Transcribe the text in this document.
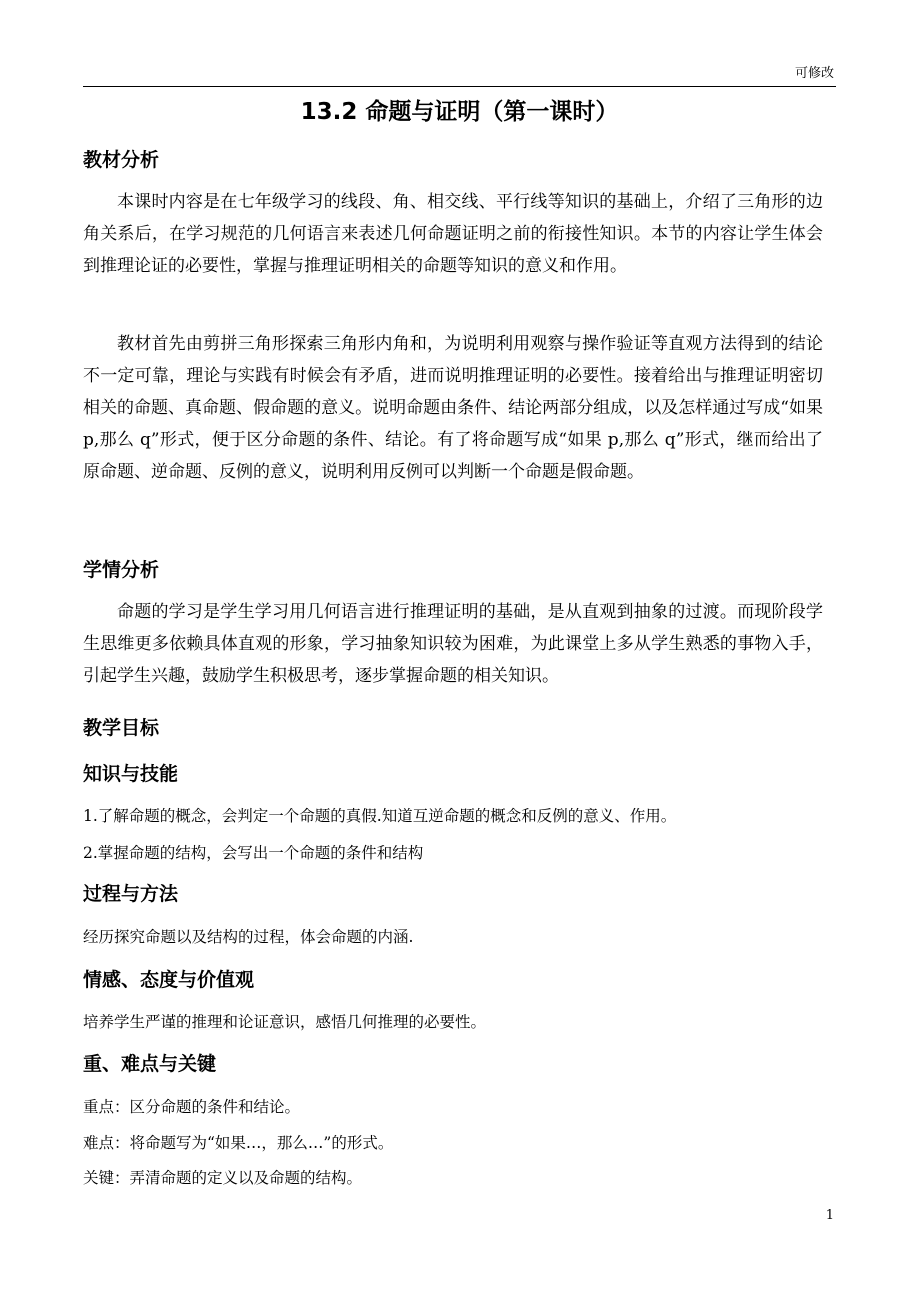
可修改
13.2 命题与证明（第一课时）
教材分析
本课时内容是在七年级学习的线段、角、相交线、平行线等知识的基础上，介绍了三角形的边角关系后，在学习规范的几何语言来表述几何命题证明之前的衔接性知识。本节的内容让学生体会到推理论证的必要性，掌握与推理证明相关的命题等知识的意义和作用。
教材首先由剪拼三角形探索三角形内角和，为说明利用观察与操作验证等直观方法得到的结论不一定可靠，理论与实践有时候会有矛盾，进而说明推理证明的必要性。接着给出与推理证明密切相关的命题、真命题、假命题的意义。说明命题由条件、结论两部分组成，以及怎样通过写成“如果 p,那么 q”形式，便于区分命题的条件、结论。有了将命题写成“如果 p,那么 q”形式，继而给出了原命题、逆命题、反例的意义，说明利用反例可以判断一个命题是假命题。
学情分析
命题的学习是学生学习用几何语言进行推理证明的基础，是从直观到抽象的过渡。而现阶段学生思维更多依赖具体直观的形象，学习抽象知识较为困难，为此课堂上多从学生熟悉的事物入手，引起学生兴趣，鼓励学生积极思考，逐步掌握命题的相关知识。
教学目标
知识与技能
1.了解命题的概念，会判定一个命题的真假.知道互逆命题的概念和反例的意义、作用。
2.掌握命题的结构，会写出一个命题的条件和结构
过程与方法
经历探究命题以及结构的过程，体会命题的内涵.
情感、态度与价值观
培养学生严谨的推理和论证意识，感悟几何推理的必要性。
重、难点与关键
重点：区分命题的条件和结论。
难点：将命题写为“如果…，那么…”的形式。
关键：弄清命题的定义以及命题的结构。
1
